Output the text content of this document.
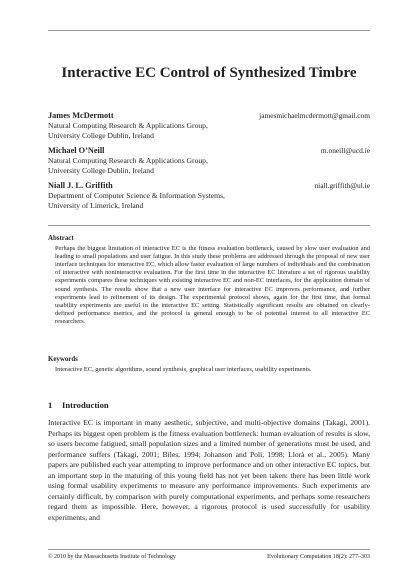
Interactive EC Control of Synthesized Timbre
James McDermott	jamesmichaelmcdermott@gmail.com
Natural Computing Research & Applications Group,
University College Dublin, Ireland
Michael O’Neill	m.oneill@ucd.ie
Natural Computing Research & Applications Group,
University College Dublin, Ireland
Niall J. L. Griffith	niall.griffith@ul.ie
Department of Computer Science & Information Systems,
University of Limerick, Ireland
Abstract
Perhaps the biggest limitation of interactive EC is the fitness evaluation bottleneck, caused by slow user evaluation and leading to small populations and user fatigue. In this study these problems are addressed through the proposal of new user interface techniques for interactive EC, which allow faster evaluation of large numbers of individuals and the combination of interactive with noninteractive evaluation. For the first time in the interactive EC literature a set of rigorous usability experiments compares these techniques with existing interactive EC and non-EC interfaces, for the application domain of sound synthesis. The results show that a new user interface for interactive EC improves performance, and further experiments lead to refinement of its design. The experimental protocol shows, again for the first time, that formal usability experiments are useful in the interactive EC setting. Statistically significant results are obtained on clearly-defined performance metrics, and the protocol is general enough to be of potential interest to all interactive EC researchers.
Keywords
Interactive EC, genetic algorithms, sound synthesis, graphical user interfaces, usability experiments.
1 Introduction
Interactive EC is important in many aesthetic, subjective, and multi-objective domains (Takagi, 2001). Perhaps its biggest open problem is the fitness evaluation bottleneck: human evaluation of results is slow, so users become fatigued, small population sizes and a limited number of generations must be used, and performance suffers (Takagi, 2001; Biles, 1994; Johanson and Poli, 1998; Llorà et al., 2005). Many papers are published each year attempting to improve performance and on other interactive EC topics, but an important step in the maturing of this young field has not yet been taken: there has been little work using formal usability experiments to measure any performance improvements. Such experiments are certainly difficult, by comparison with purely computational experiments, and perhaps some researchers regard them as impossible. Here, however, a rigorous protocol is used successfully for usability experiments, and
© 2010 by the Massachusetts Institute of Technology	Evolutionary Computation 18(2): 277–303
